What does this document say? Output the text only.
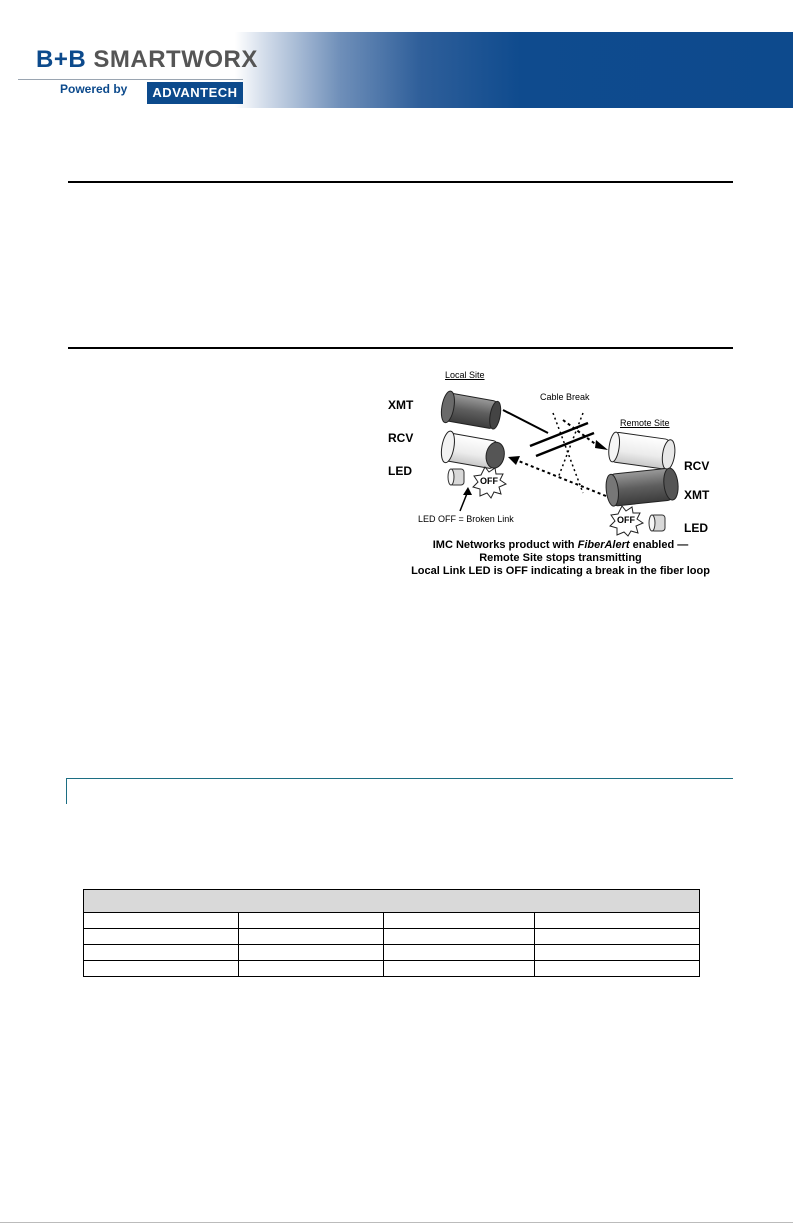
B+B SMARTWORX
Powered by	ADVANTECH
Local Site
Cable Break
Remote Site
XMT
RCV
LED	RCV
XMT
LED
OFF
OFF
LED OFF = Broken Link
IMC Networks product with FiberAlert enabled —
Remote Site stops transmitting
Local Link LED is OFF indicating a break in the fiber loop
